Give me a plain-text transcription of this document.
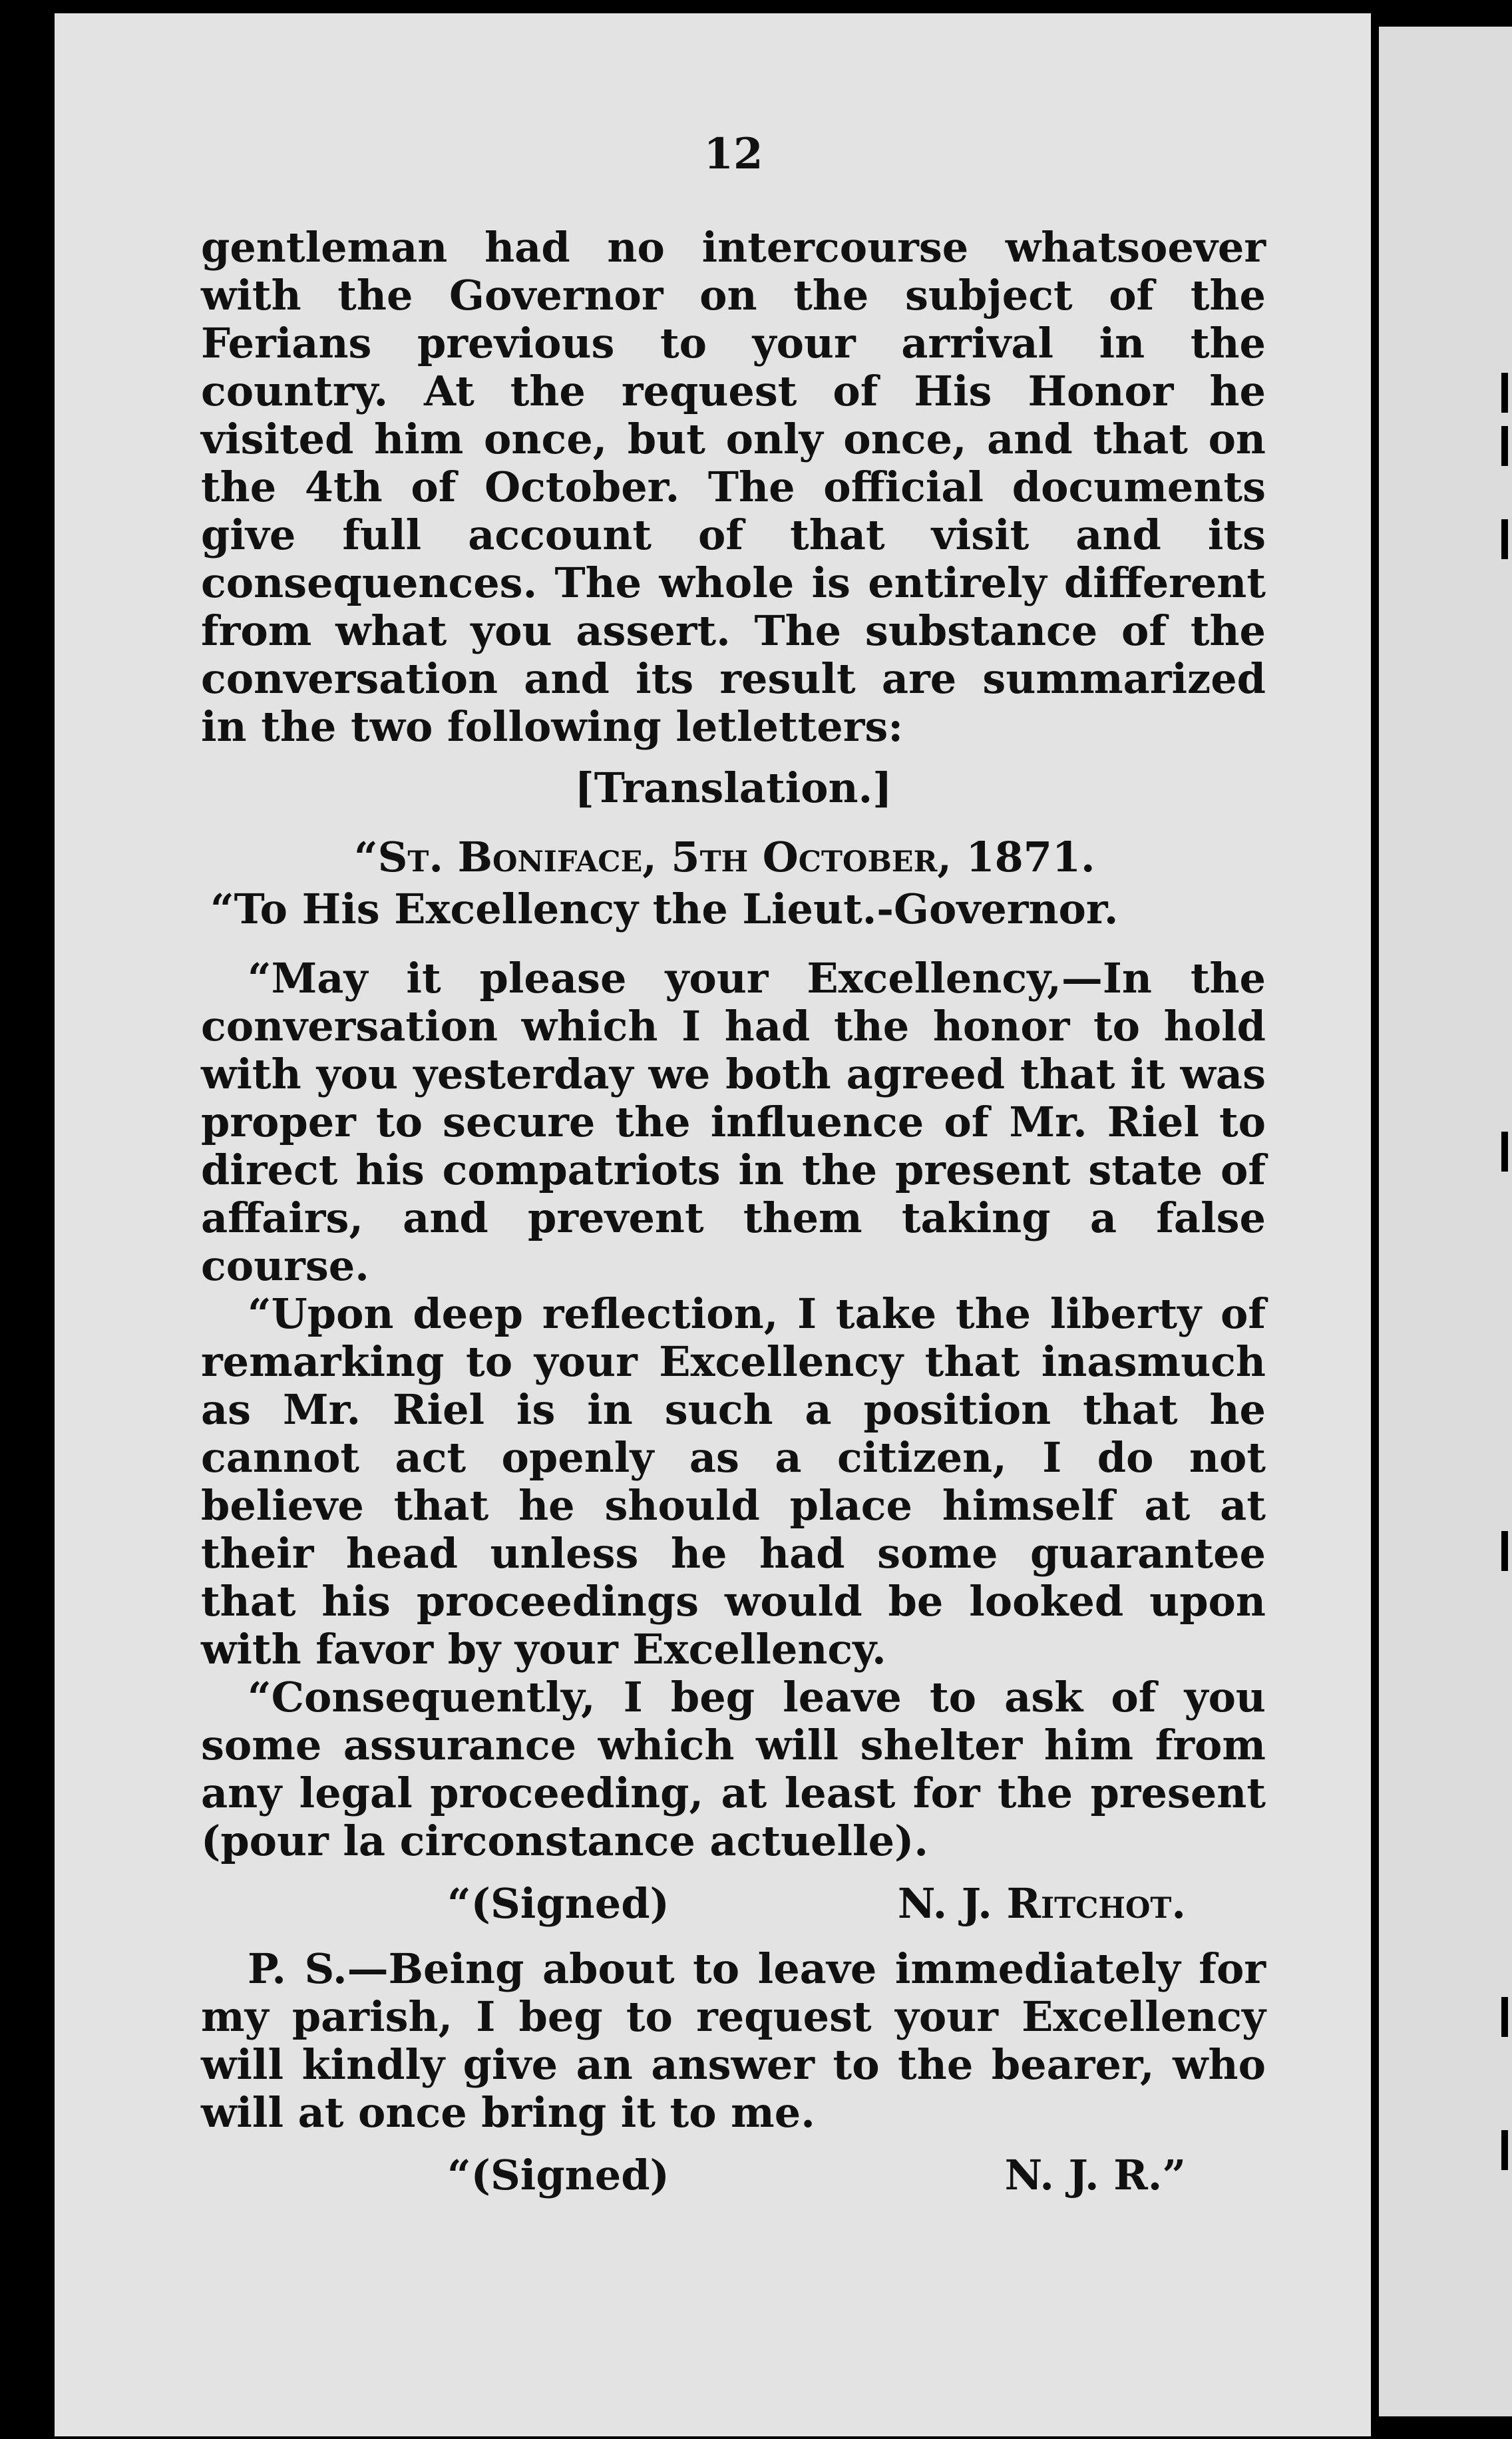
12

gentleman had no intercourse whatsoever with the Governor on the subject of the Ferians previous to your arrival in the country. At the request of His Honor he visited him once, but only once, and that on the 4th of October. The official documents give full account of that visit and its consequences. The whole is entirely different from what you assert. The substance of the conversation and its result are summarized in the two following letletters:

[Translation.]

“St. Boniface, 5th October, 1871.

“To His Excellency the Lieut.-Governor.

“May it please your Excellency,—In the conversation which I had the honor to hold with you yesterday we both agreed that it was proper to secure the influence of Mr. Riel to direct his compatriots in the present state of affairs, and prevent them taking a false course.

“Upon deep reflection, I take the liberty of remarking to your Excellency that inasmuch as Mr. Riel is in such a position that he cannot act openly as a citizen, I do not believe that he should place himself at at their head unless he had some guarantee that his proceedings would be looked upon with favor by your Excellency.

“Consequently, I beg leave to ask of you some assurance which will shelter him from any legal proceeding, at least for the present (pour la circonstance actuelle).

“(Signed)	N. J. Ritchot.

P. S.—Being about to leave immediately for my parish, I beg to request your Excellency will kindly give an answer to the bearer, who will at once bring it to me.

“(Signed)	N. J. R.”
